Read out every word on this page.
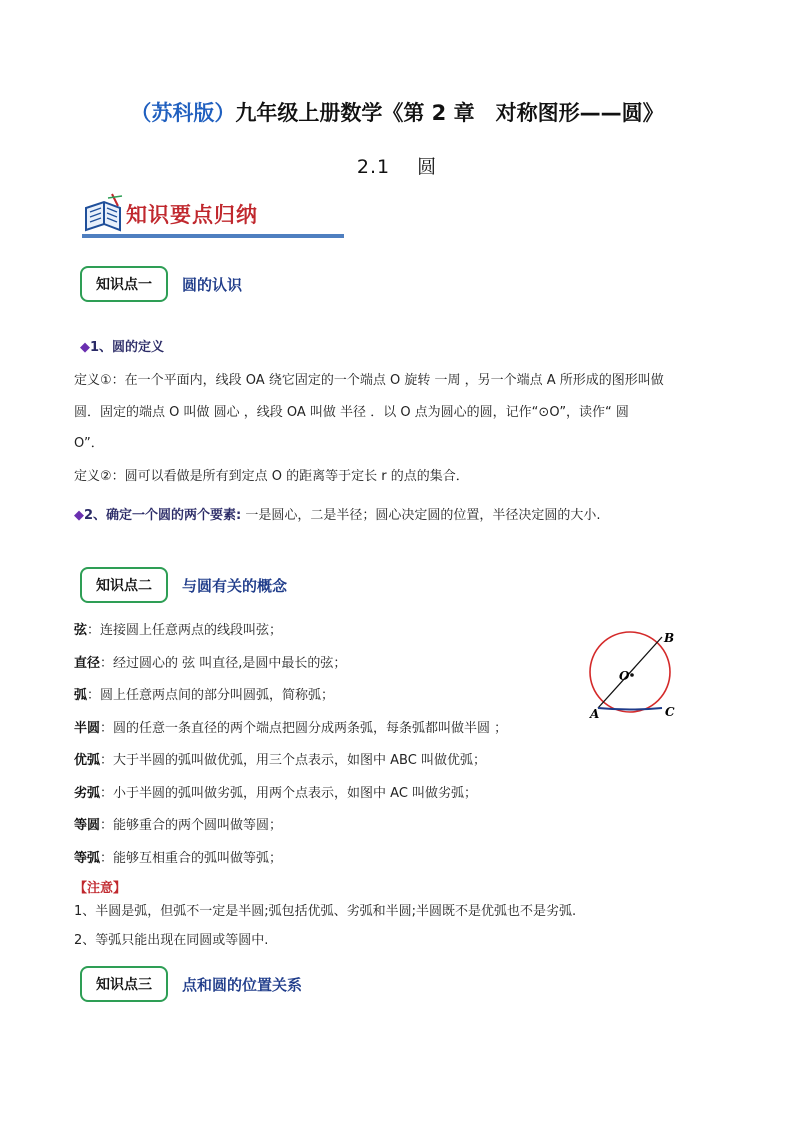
（苏科版）九年级上册数学《第 2 章　对称图形——圆》
2.1　 圆
知识要点归纳
知识点一	圆的认识
◆1、圆的定义
定义①：在一个平面内，线段 OA 绕它固定的一个端点 O 旋转 一周 ，另一个端点 A 所形成的图形叫做
圆．固定的端点 O 叫做 圆心 ，线段 OA 叫做 半径 ．以 O 点为圆心的圆，记作“⊙O”，读作“ 圆
O”．
定义②：圆可以看做是所有到定点 O 的距离等于定长 r 的点的集合．
◆2、确定一个圆的两个要素: 一是圆心，二是半径；圆心决定圆的位置，半径决定圆的大小.
知识点二	与圆有关的概念
弦：连接圆上任意两点的线段叫弦；
直径：经过圆心的 弦 叫直径,是圆中最长的弦；
弧：圆上任意两点间的部分叫圆弧，简称弧；
半圆：圆的任意一条直径的两个端点把圆分成两条弧，每条弧都叫做半圆 ；
优弧：大于半圆的弧叫做优弧，用三个点表示，如图中 ABC 叫做优弧；
劣弧：小于半圆的弧叫做劣弧，用两个点表示，如图中 AC 叫做劣弧；
等圆：能够重合的两个圆叫做等圆；
等弧：能够互相重合的弧叫做等弧；
O
B
A	C
【注意】
1、半圆是弧，但弧不一定是半圆;弧包括优弧、劣弧和半圆;半圆既不是优弧也不是劣弧.
2、等弧只能出现在同圆或等圆中.
知识点三	点和圆的位置关系
